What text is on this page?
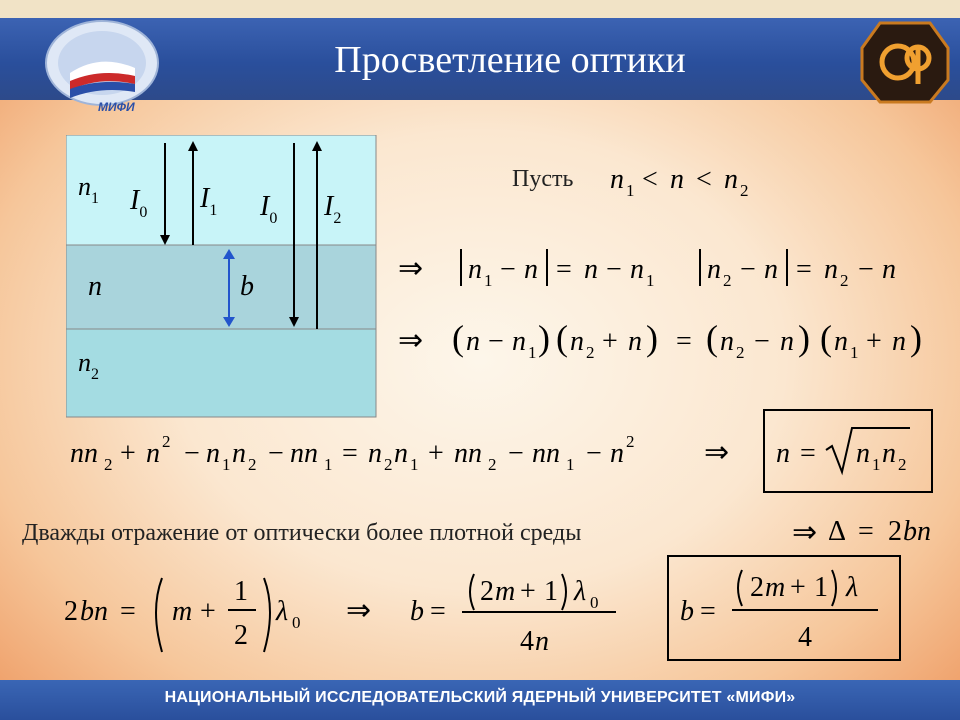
МИФИ
Просветление оптики
$n_1$ $I_0$ $I_1$ $I_0$ $I_2$
n	b
$n_2$
Пусть n 1 < n < n 2
⇒ n 1 − n = n − n 1 n 2 − n = n 2 − n
⇒ ( n − n 1 ) ( n 2 + n ) = ( n 2 − n ) ( n 1 + n )
nn 2 + n 2 − n 1 n 2 − nn 1 = n 2 n 1 + nn 2 − nn 1 − n 2 ⇒ n = n 1 n 2
⇒ Δ = 2 bn
2 bn = m +
1
2
λ 0 ⇒ b =
2 m + 1 λ 0
4 n
b =
2 m + 1 λ
4
Дважды отражение от оптически более плотной среды
НАЦИОНАЛЬНЫЙ ИССЛЕДОВАТЕЛЬСКИЙ ЯДЕРНЫЙ УНИВЕРСИТЕТ «МИФИ»
